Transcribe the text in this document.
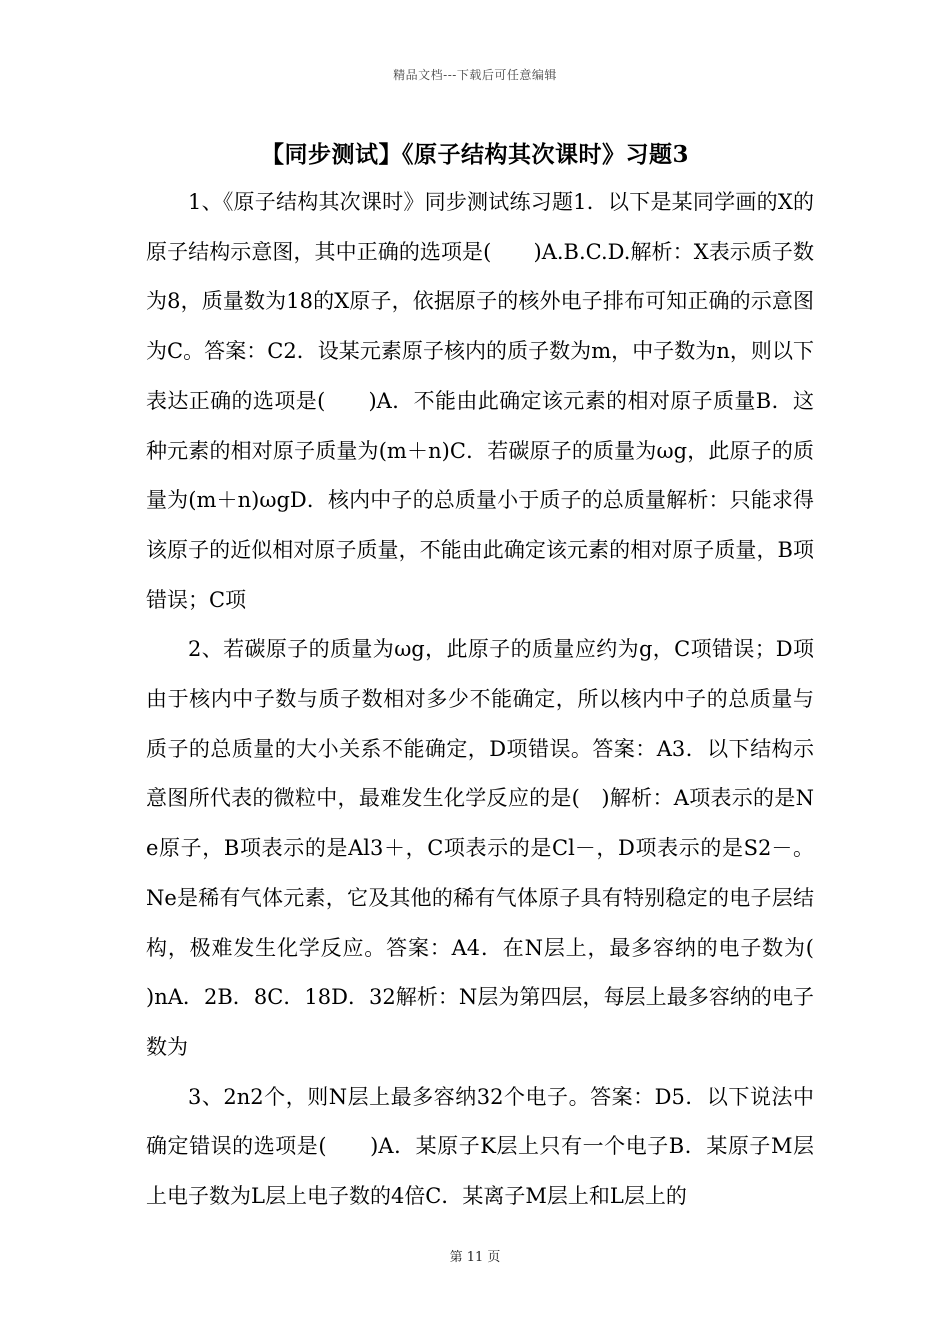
精品文档---下载后可任意编辑
【同步测试】《原子结构其次课时》习题3

1、《原子结构其次课时》同步测试练习题1．以下是某同学画的X的原子结构示意图，其中正确的选项是(　　)A.B.C.D.解析：X表示质子数为8，质量数为18的X原子，依据原子的核外电子排布可知正确的示意图为C。答案：C2．设某元素原子核内的质子数为m，中子数为n，则以下表达正确的选项是(　　)A．不能由此确定该元素的相对原子质量B．这种元素的相对原子质量为(m＋n)C．若碳原子的质量为ωg，此原子的质量为(m＋n)ωgD．核内中子的总质量小于质子的总质量解析：只能求得该原子的近似相对原子质量，不能由此确定该元素的相对原子质量，B项错误；C项

2、若碳原子的质量为ωg，此原子的质量应约为g，C项错误；D项由于核内中子数与质子数相对多少不能确定，所以核内中子的总质量与质子的总质量的大小关系不能确定，D项错误。答案：A3．以下结构示意图所代表的微粒中，最难发生化学反应的是(　)解析：A项表示的是Ne原子，B项表示的是Al3＋，C项表示的是Cl－，D项表示的是S2－。Ne是稀有气体元素，它及其他的稀有气体原子具有特别稳定的电子层结构，极难发生化学反应。答案：A4．在N层上，最多容纳的电子数为(　　)nA．2B．8C．18D．32解析：N层为第四层，每层上最多容纳的电子数为

3、2n2个，则N层上最多容纳32个电子。答案：D5．以下说法中确定错误的选项是(　　)A．某原子K层上只有一个电子B．某原子M层上电子数为L层上电子数的4倍C．某离子M层上和L层上的

第 11 页
